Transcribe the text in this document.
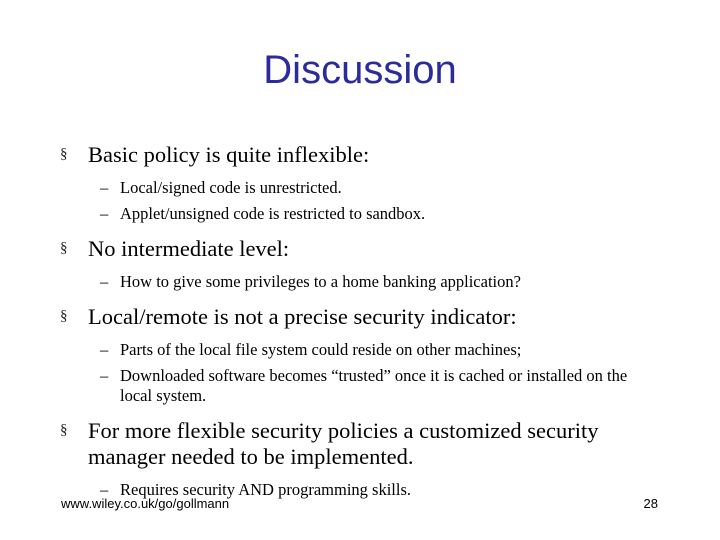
Discussion
§ Basic policy is quite inflexible:
– Local/signed code is unrestricted.
– Applet/unsigned code is restricted to sandbox.
§ No intermediate level:
– How to give some privileges to a home banking application?
§ Local/remote is not a precise security indicator:
– Parts of the local file system could reside on other machines;
– Downloaded software becomes “trusted” once it is cached or installed on the local system.
§ For more flexible security policies a customized security manager needed to be implemented.
– Requires security AND programming skills.
www.wiley.co.uk/go/gollmann	28
